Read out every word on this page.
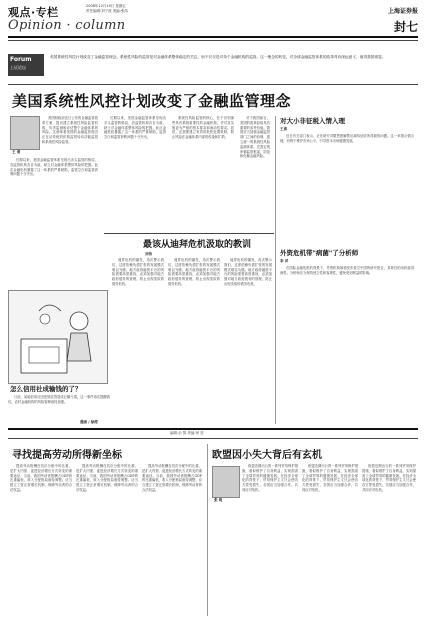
观点·专栏
Opinion · column
2008年12月19日 星期五
责任编辑:刘宁波 美编:张纬	上海证券报
封七
Forum
上证论坛
美国系统性风控计划改变了金融监管理念。系统性风险的监管是对金融体系整体稳定的关注，而不仅仅是对单个金融机构的监管。这一理念的转变，对全球金融监管体系的改革具有深远意义，值得我国借鉴。
美国系统性风控计划改变了金融监管理念
王 勇

美国财政部近日公布的金融监管改革方案，提出建立系统性风险监管机构，负责监测和评估整个金融体系的风险。这意味着美国的金融监管理念正在从传统的机构监管转向功能监管和系统性风险监管。

长期以来，美国金融监管体系呈现出多头监管的格局，各监管机构各自为政，缺乏对金融体系整体风险的把握。此次金融危机暴露了这一体系的严重缺陷，监管空白和监管套利问题十分突出。

长期以来，美国金融监管体系呈现出多头监管的格局，各监管机构各自为政，缺乏对金融体系整体风险的把握。此次金融危机暴露了这一体系的严重缺陷，监管空白和监管套利问题十分突出。

系统性风险监管的核心，在于识别那些具有系统重要性的金融机构，并对其实施更为严格的资本要求和流动性要求。同时，还需要建立有效的危机处置机制，防止风险在金融体系内部的传染和扩散。

对于我国而言，美国的改革经验具有重要的参考价值。我国应当加强金融监管部门之间的协调，建立统一的系统性风险监测体系，完善宏观审慎监管框架，防范和化解金融风险。

对大小非征税入情入理
王勇

近日有关部门表示，正在研究对限售股解禁后减持征收所得税的问题。这一举措合情合理，有利于维护市场公平，引导资本市场健康发展。

外资危机带"病菌"了分析师
李 洋

在国际金融危机的背景下，外资机构频频发布看空中国的研究报告，其背后的动机值得深思。分析师应当保持独立性和客观性，避免受到利益的影响。

最该从迪拜危机汲取的教训
刘伟

迪拜危机的爆发，再次警示我们，过度依赖负债扩张的发展模式难以为继。地方政府融资平台的风险需要高度重视，必须加强对地方政府债务的管理，防止出现类似的债务危机。

迪拜危机的爆发，再次警示我们，过度依赖负债扩张的发展模式难以为继。地方政府融资平台的风险需要高度重视，必须加强对地方政府债务的管理，防止出现类似的债务危机。

迪拜危机的爆发，再次警示我们，过度依赖负债扩张的发展模式难以为继。地方政府融资平台的风险需要高度重视，必须加强对地方政府债务的管理，防止出现类似的债务危机。

怎么信用社成输钱的了？

日前，某地信用社因违规放贷造成巨额亏损。这一事件再次提醒我们，农村金融机构的风险管理亟待加强。

漫画 / 徐简
编辑:余 黎 美编:何 进
寻找提高劳动所得新坐标

提高劳动报酬在初次分配中的比重，是扩大内需、促进经济增长方式转变的重要途径。当前，我国劳动者报酬占GDP的比重偏低，收入分配格局亟待调整。应当建立工资正常增长机制，保障劳动者的合法权益。

提高劳动报酬在初次分配中的比重，是扩大内需、促进经济增长方式转变的重要途径。当前，我国劳动者报酬占GDP的比重偏低，收入分配格局亟待调整。应当建立工资正常增长机制，保障劳动者的合法权益。

提高劳动报酬在初次分配中的比重，是扩大内需、促进经济增长方式转变的重要途径。当前，我国劳动者报酬占GDP的比重偏低，收入分配格局亟待调整。应当建立工资正常增长机制，保障劳动者的合法权益。

欧盟因小失大背后有玄机
张 明

欧盟近期出台的一系列贸易保护措施，看似维护了自身利益，实则损害了全球贸易的健康发展。在经济全球化的背景下，贸易保护主义只会使各方蒙受损失，各国应当加强合作，共同应对危机。

欧盟近期出台的一系列贸易保护措施，看似维护了自身利益，实则损害了全球贸易的健康发展。在经济全球化的背景下，贸易保护主义只会使各方蒙受损失，各国应当加强合作，共同应对危机。

欧盟近期出台的一系列贸易保护措施，看似维护了自身利益，实则损害了全球贸易的健康发展。在经济全球化的背景下，贸易保护主义只会使各方蒙受损失，各国应当加强合作，共同应对危机。
